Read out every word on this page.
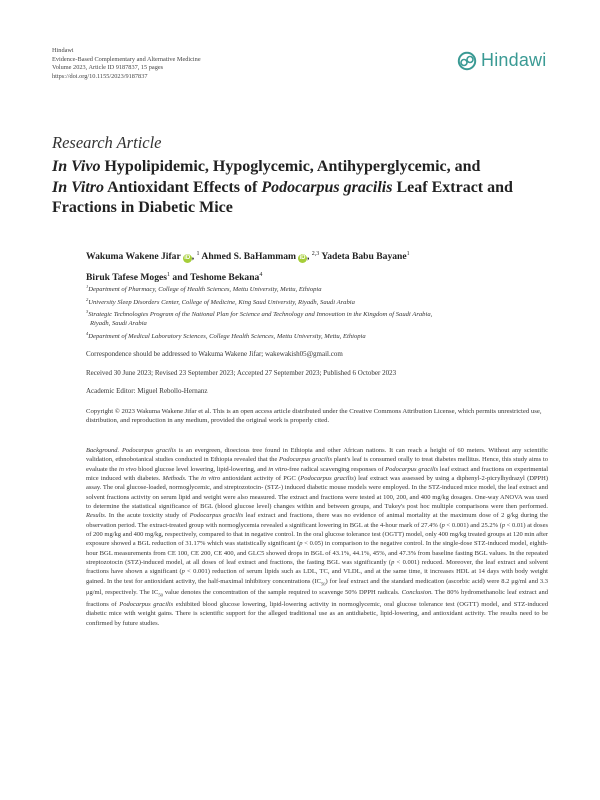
Hindawi
Evidence-Based Complementary and Alternative Medicine
Volume 2023, Article ID 9187837, 15 pages
https://doi.org/10.1155/2023/9187837
Hindawi
Research Article
In Vivo Hypolipidemic, Hypoglycemic, Antihyperglycemic, and
In Vitro Antioxidant Effects of Podocarpus gracilis Leaf Extract and Fractions in Diabetic Mice
Wakuma Wakene Jifar iD , $^1$ Ahmed S. BaHammam iD , $^{2,3}$ Yadeta Babu Bayane$^1$
Biruk Tafese Moges$^1$ and Teshome Bekana$^4$

$^1$Department of Pharmacy, College of Health Sciences, Mettu University, Mettu, Ethiopia

$^2$University Sleep Disorders Center, College of Medicine, King Saud University, Riyadh, Saudi Arabia

$^3$Strategic Technologies Program of the National Plan for Science and Technology and Innovation in the Kingdom of Saudi Arabia,
Riyadh, Saudi Arabia

$^4$Department of Medical Laboratory Sciences, College Health Sciences, Mettu University, Mettu, Ethiopia

Correspondence should be addressed to Wakuma Wakene Jifar; wakewakish05@gmail.com
Received 30 June 2023; Revised 23 September 2023; Accepted 27 September 2023; Published 6 October 2023
Academic Editor: Miguel Rebollo-Hernanz
Copyright © 2023 Wakuma Wakene Jifar et al. This is an open access article distributed under the Creative Commons Attribution License, which permits unrestricted use, distribution, and reproduction in any medium, provided the original work is properly cited.
Background. Podocarpus gracilis is an evergreen, dioecious tree found in Ethiopia and other African nations. It can reach a height of 60 meters. Without any scientific validation, ethnobotanical studies conducted in Ethiopia revealed that the Podocarpus gracilis plant's leaf is consumed orally to treat diabetes mellitus. Hence, this study aims to evaluate the in vivo blood glucose level lowering, lipid-lowering, and in vitro-free radical scavenging responses of Podocarpus gracilis leaf extract and fractions on experimental mice induced with diabetes. Methods. The in vitro antioxidant activity of PGC (Podocarpus gracilis) leaf extract was assessed by using a diphenyl-2-picrylhydrazyl (DPPH) assay. The oral glucose-loaded, normoglycemic, and streptozotocin- (STZ-) induced diabetic mouse models were employed. In the STZ-induced mice model, the leaf extract and solvent fractions activity on serum lipid and weight were also measured. The extract and fractions were tested at 100, 200, and 400 mg/kg dosages. One-way ANOVA was used to determine the statistical significance of BGL (blood glucose level) changes within and between groups, and Tukey's post hoc multiple comparisons were then performed. Results. In the acute toxicity study of Podocarpus gracilis leaf extract and fractions, there was no evidence of animal mortality at the maximum dose of 2 g/kg during the observation period. The extract-treated group with normoglycemia revealed a significant lowering in BGL at the 4-hour mark of 27.4% (p < 0.001) and 25.2% (p < 0.01) at doses of 200 mg/kg and 400 mg/kg, respectively, compared to that in negative control. In the oral glucose tolerance test (OGTT) model, only 400 mg/kg treated groups at 120 min after exposure showed a BGL reduction of 31.17% which was statistically significant (p < 0.05) in comparison to the negative control. In the single-dose STZ-induced model, eighth-hour BGL measurements from CE 100, CE 200, CE 400, and GLC5 showed drops in BGL of 43.1%, 44.1%, 45%, and 47.3% from baseline fasting BGL values. In the repeated streptozotocin (STZ)-induced model, at all doses of leaf extract and fractions, the fasting BGL was significantly (p < 0.001) reduced. Moreover, the leaf extract and solvent fractions have shown a significant (p < 0.001) reduction of serum lipids such as LDL, TC, and VLDL, and at the same time, it increases HDL at 14 days with body weight gained. In the test for antioxidant activity, the half-maximal inhibitory concentrations $(IC_{50})$ for leaf extract and the standard medication (ascorbic acid) were 8.2 μg/ml and 3.3 μg/ml, respectively. The $IC_{50}$ value denotes the concentration of the sample required to scavenge 50% DPPH radicals. Conclusion. The 80% hydromethanolic leaf extract and fractions of Podocarpus gracilis exhibited blood glucose lowering, lipid-lowering activity in normoglycemic, oral glucose tolerance test (OGTT) model, and STZ-induced diabetic mice with weight gains. There is scientific support for the alleged traditional use as an antidiabetic, lipid-lowering, and antioxidant activity. The results need to be confirmed by future studies.
